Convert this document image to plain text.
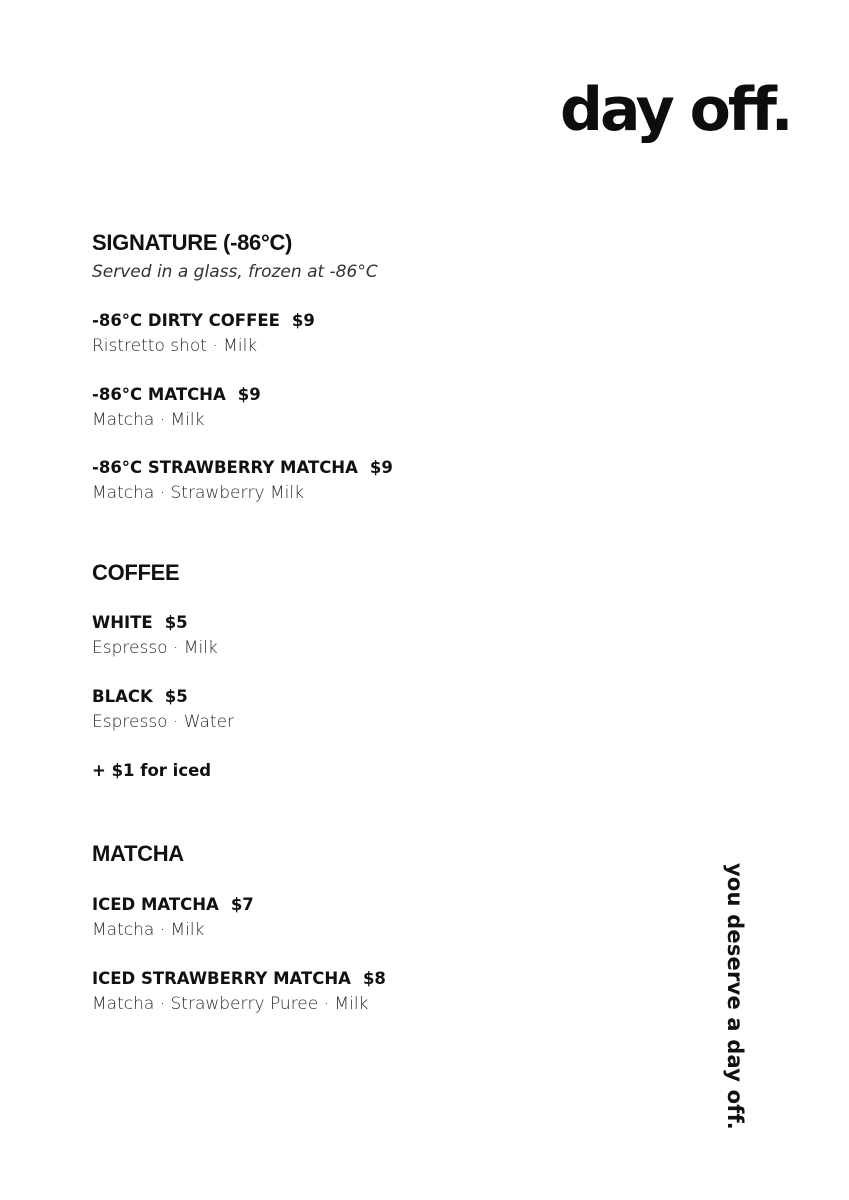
day off.
SIGNATURE (-86°C)
Served in a glass, frozen at -86°C
-86°C DIRTY COFFEE $9
Ristretto shot · Milk
-86°C MATCHA $9
Matcha · Milk
-86°C STRAWBERRY MATCHA $9
Matcha · Strawberry Milk
COFFEE
WHITE $5
Espresso · Milk
BLACK $5
Espresso · Water
+ $1 for iced
MATCHA
ICED MATCHA $7
Matcha · Milk
ICED STRAWBERRY MATCHA $8
Matcha · Strawberry Puree · Milk	you deserve a day off.
